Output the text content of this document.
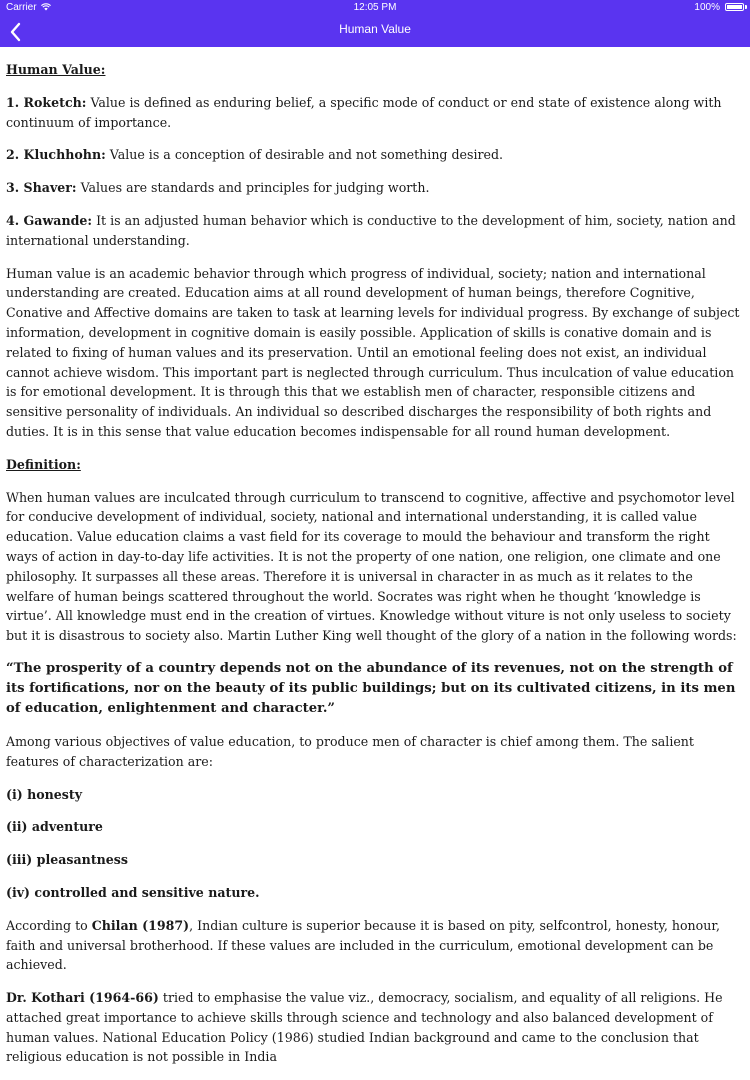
Carrier	12:05 PM	100%
Human Value

Human Value:

1. Roketch: Value is defined as enduring belief, a specific mode of conduct or end state of existence along with continuum of importance.

2. Kluchhohn: Value is a conception of desirable and not something desired.

3. Shaver: Values are standards and principles for judging worth.

4. Gawande: It is an adjusted human behavior which is conductive to the development of him, society, nation and international understanding.

Human value is an academic behavior through which progress of individual, society; nation and international understanding are created. Education aims at all round development of human beings, therefore Cognitive, Conative and Affective domains are taken to task at learning levels for individual progress. By exchange of subject information, development in cognitive domain is easily possible. Application of skills is conative domain and is related to fixing of human values and its preservation. Until an emotional feeling does not exist, an individual cannot achieve wisdom. This important part is neglected through curriculum. Thus inculcation of value education is for emotional development. It is through this that we establish men of character, responsible citizens and sensitive personality of individuals. An individual so described discharges the responsibility of both rights and duties. It is in this sense that value education becomes indispensable for all round human development.

Definition:

When human values are inculcated through curriculum to transcend to cognitive, affective and psychomotor level for conducive development of individual, society, national and international understanding, it is called value education. Value education claims a vast field for its coverage to mould the behaviour and transform the right ways of action in day-to-day life activities. It is not the property of one nation, one religion, one climate and one philosophy. It surpasses all these areas. Therefore it is universal in character in as much as it relates to the welfare of human beings scattered throughout the world. Socrates was right when he thought ‘knowledge is virtue’. All knowledge must end in the creation of virtues. Knowledge without viture is not only useless to society but it is disastrous to society also. Martin Luther King well thought of the glory of a nation in the following words:

“The prosperity of a country depends not on the abundance of its revenues, not on the strength of its fortifications, nor on the beauty of its public buildings; but on its cultivated citizens, in its men of education, enlightenment and character.”

Among various objectives of value education, to produce men of character is chief among them. The salient features of characterization are:

(i) honesty

(ii) adventure

(iii) pleasantness

(iv) controlled and sensitive nature.

According to Chilan (1987), Indian culture is superior because it is based on pity, selfcontrol, honesty, honour, faith and universal brotherhood. If these values are included in the curriculum, emotional development can be achieved.

Dr. Kothari (1964-66) tried to emphasise the value viz., democracy, socialism, and equality of all religions. He attached great importance to achieve skills through science and technology and also balanced development of human values. National Education Policy (1986) studied Indian background and came to the conclusion that religious education is not possible in India
